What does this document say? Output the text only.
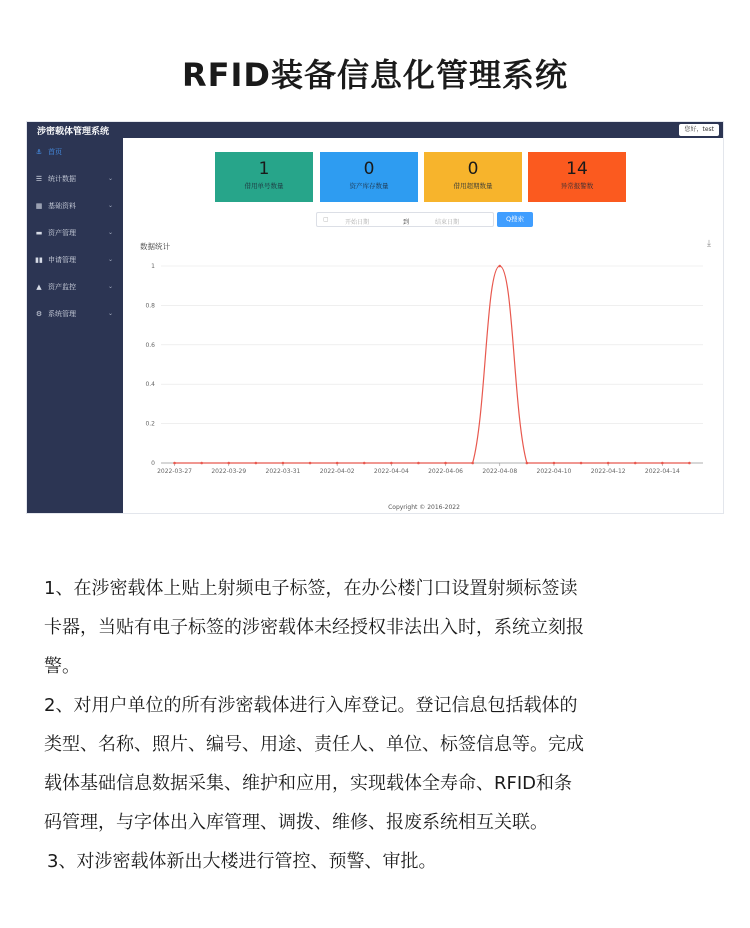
RFID装备信息化管理系统
涉密载体管理系统	您好，test
⚓ 首页
☰ 统计数据	⌄
▦ 基础资料	⌄
▬ 资产管理	⌄
▮▮ 申请管理	⌄
▲ 资产监控	⌄
⚙ 系统管理	⌄
1
借用单号数量
0
资产库存数量
0
借用超期数量
14
异常报警数
▢	开始日期	到	结束日期	Q搜索
数据统计	⤓
0
0.2
0.4
0.6
0.8
1
2022-03-27	2022-03-29	2022-03-31	2022-04-02	2022-04-04	2022-04-06	2022-04-08	2022-04-10	2022-04-12	2022-04-14
Copyright © 2016-2022

1、在涉密载体上贴上射频电子标签，在办公楼门口设置射频标签读

卡器，当贴有电子标签的涉密载体未经授权非法出入时，系统立刻报

警。

2、对用户单位的所有涉密载体进行入库登记。登记信息包括载体的

类型、名称、照片、编号、用途、责任人、单位、标签信息等。完成

载体基础信息数据采集、维护和应用，实现载体全寿命、RFID和条

码管理，与字体出入库管理、调拨、维修、报废系统相互关联。

3、对涉密载体新出大楼进行管控、预警、审批。
